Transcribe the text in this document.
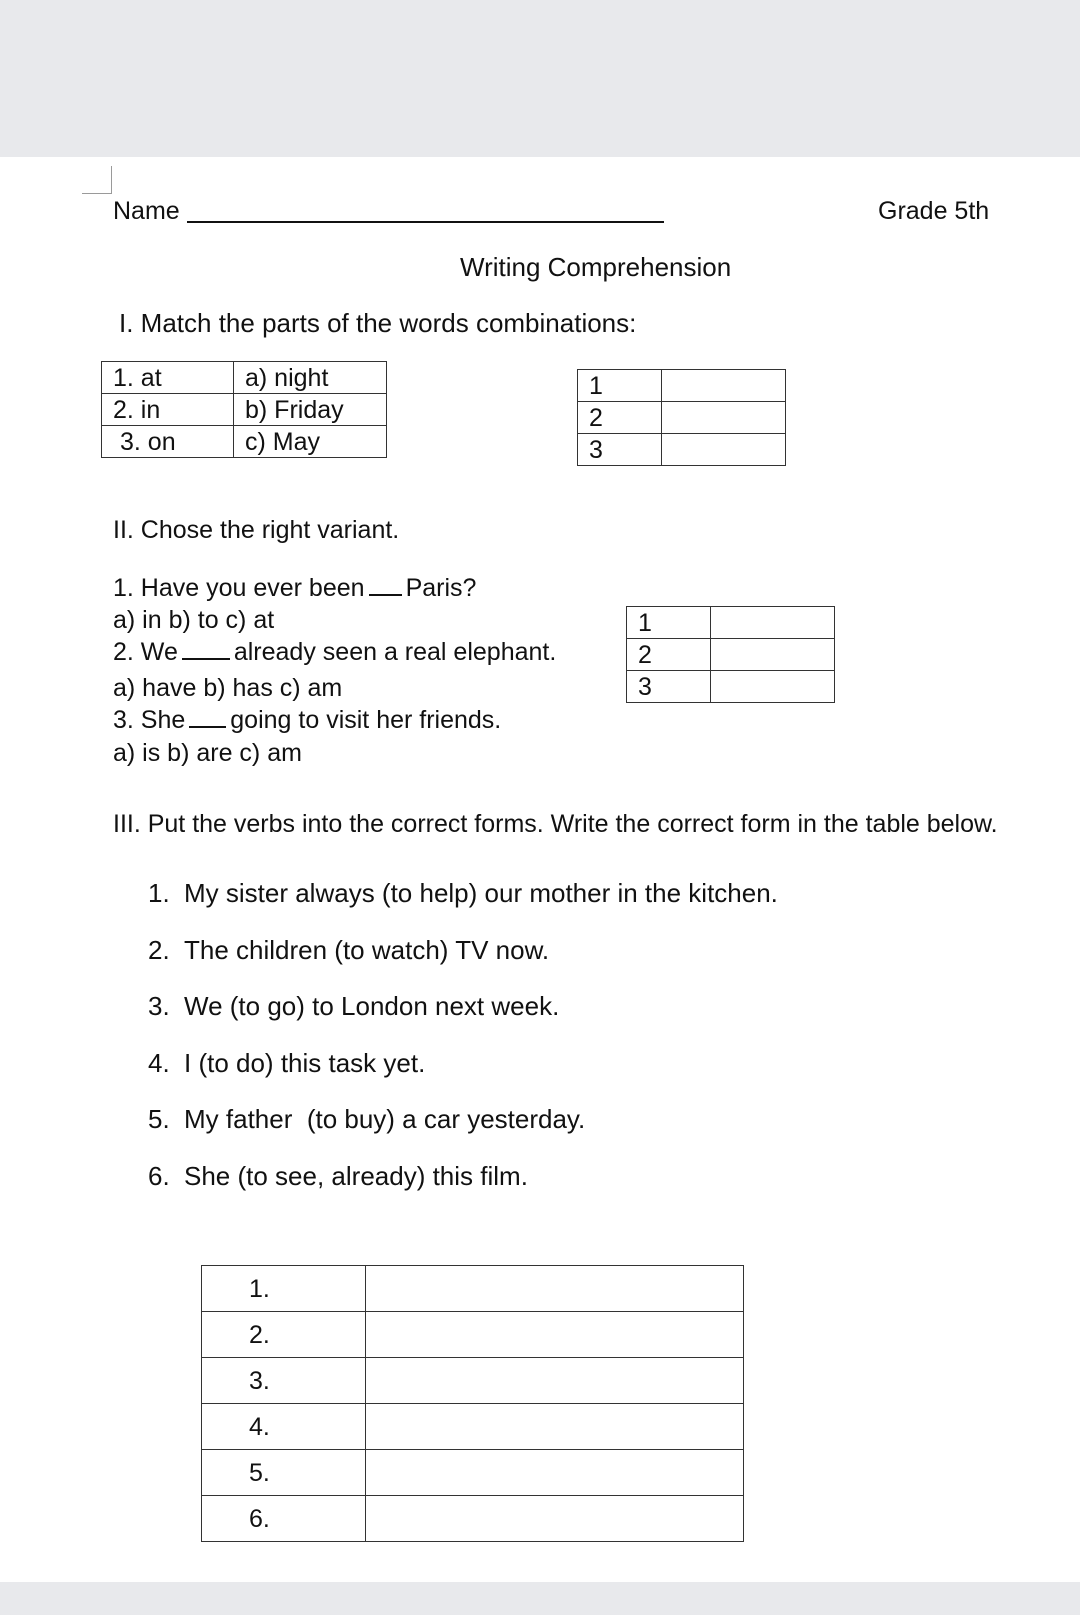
Name	Grade 5th
Writing Comprehension
I. Match the parts of the words combinations:
1. at	a) night
2. in	b) Friday
3. on	c) May
1	
2	
3	
II. Chose the right variant.
1. Have you ever been Paris?
a) in b) to c) at
2. We already seen a real elephant.
a) have b) has c) am
3. She going to visit her friends.
a) is b) are c) am
1	
2	
3	
III. Put the verbs into the correct forms. Write the correct form in the table below.
1. My sister always (to help) our mother in the kitchen.
2. The children (to watch) TV now.
3. We (to go) to London next week.
4. I (to do) this task yet.
5. My father  (to buy) a car yesterday.
6. She (to see, already) this film.
1.	
2.	
3.	
4.	
5.	
6.	
